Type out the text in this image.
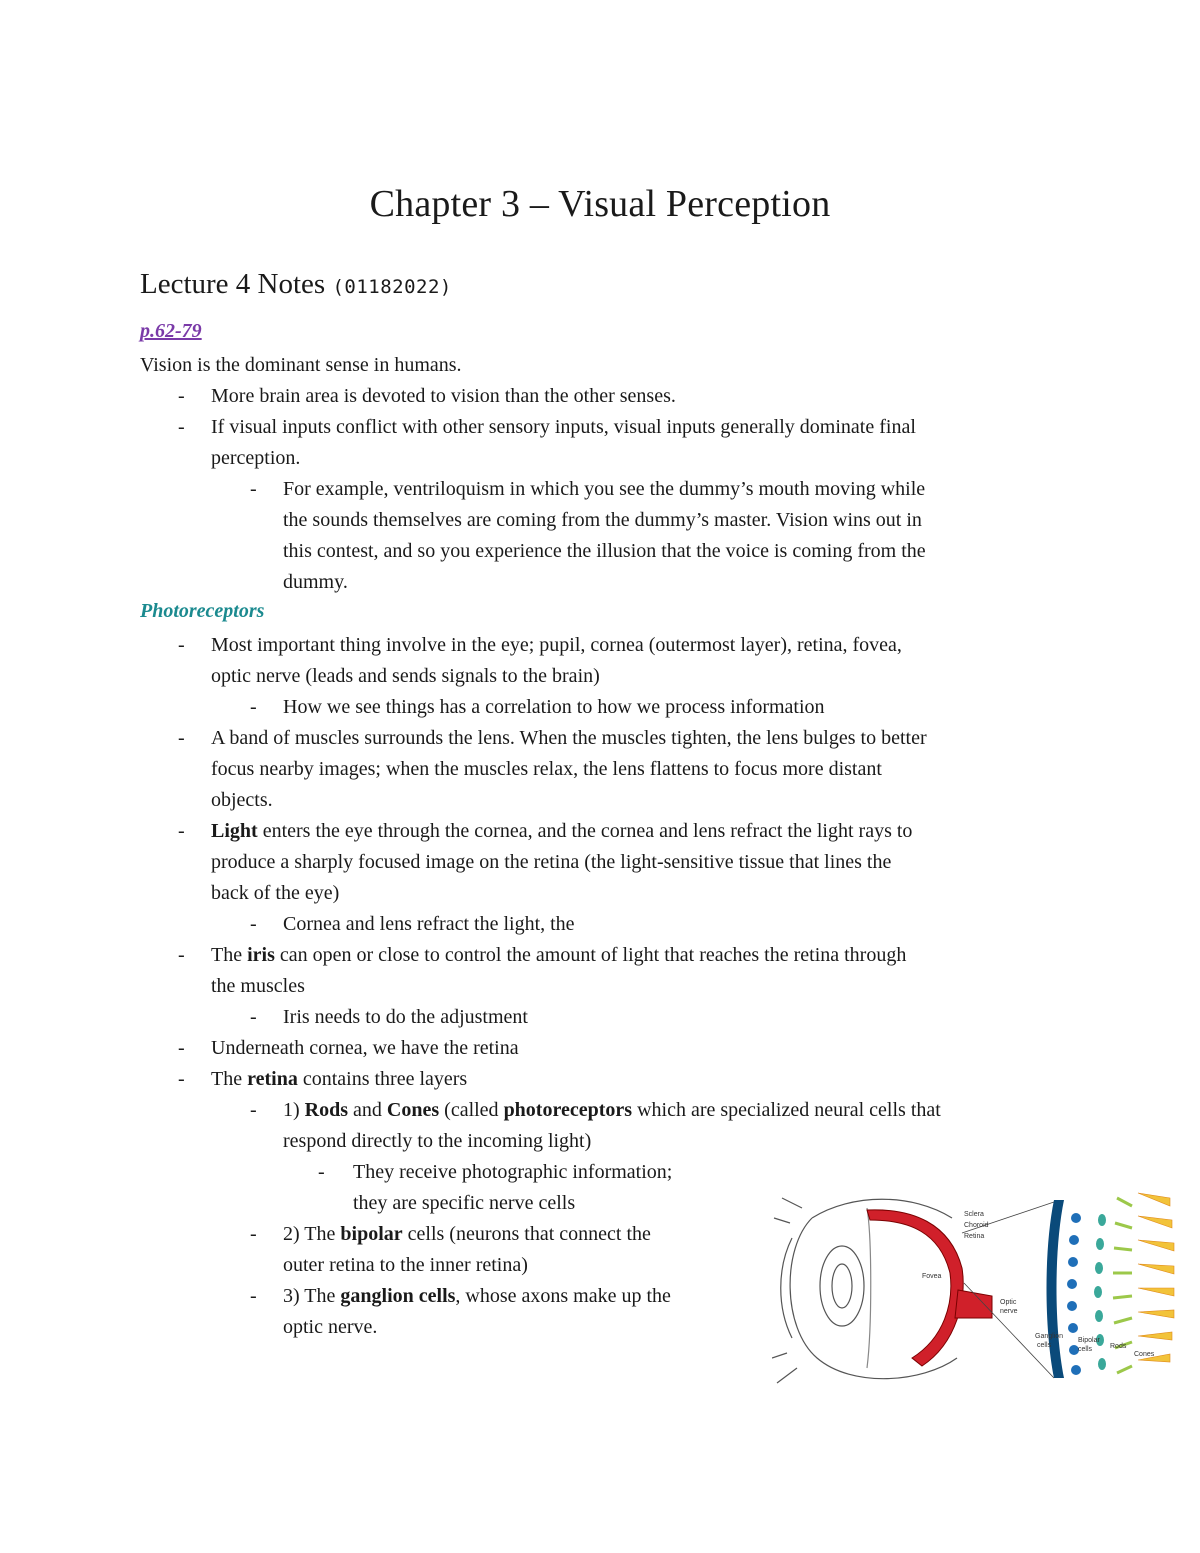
Chapter 3 – Visual Perception
Lecture 4 Notes (01182022)
p.62-79
Vision is the dominant sense in humans.
- More brain area is devoted to vision than the other senses.
- If visual inputs conflict with other sensory inputs, visual inputs generally dominate final
perception.
- For example, ventriloquism in which you see the dummy’s mouth moving while
the sounds themselves are coming from the dummy’s master. Vision wins out in
this contest, and so you experience the illusion that the voice is coming from the
dummy.
Photoreceptors
- Most important thing involve in the eye; pupil, cornea (outermost layer), retina, fovea,
optic nerve (leads and sends signals to the brain)
- How we see things has a correlation to how we process information
- A band of muscles surrounds the lens. When the muscles tighten, the lens bulges to better
focus nearby images; when the muscles relax, the lens flattens to focus more distant
objects.
- Light enters the eye through the cornea, and the cornea and lens refract the light rays to
produce a sharply focused image on the retina (the light-sensitive tissue that lines the
back of the eye)
- Cornea and lens refract the light, the
- The iris can open or close to control the amount of light that reaches the retina through
the muscles
- Iris needs to do the adjustment
- Underneath cornea, we have the retina
- The retina contains three layers
- 1) Rods and Cones (called photoreceptors which are specialized neural cells that
respond directly to the incoming light)
- They receive photographic information;
they are specific nerve cells
- 2) The bipolar cells (neurons that connect the
outer retina to the inner retina)
- 3) The ganglion cells, whose axons make up the
optic nerve.
Sclera
Choroid
Retina
Fovea
Optic
nerve
Ganglion
cells
Bipolar
cells	Rods
Cones
